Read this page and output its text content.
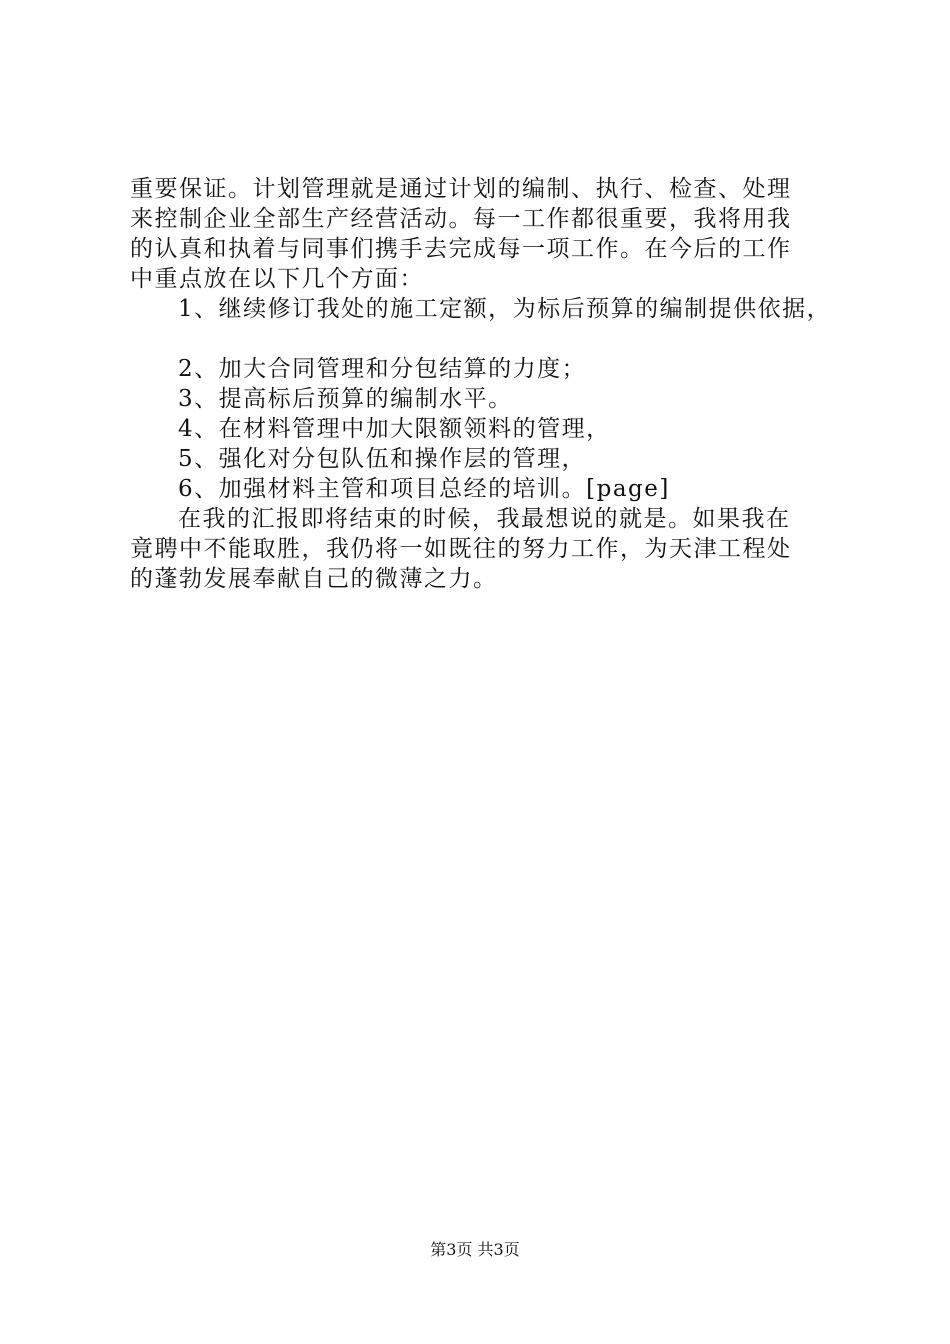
重要保证。计划管理就是通过计划的编制、执行、检查、处理
来控制企业全部生产经营活动。每一工作都很重要，我将用我
的认真和执着与同事们携手去完成每一项工作。在今后的工作
中重点放在以下几个方面：
1、继续修订我处的施工定额，为标后预算的编制提供依据，
2、加大合同管理和分包结算的力度；
3、提高标后预算的编制水平。
4、在材料管理中加大限额领料的管理，
5、强化对分包队伍和操作层的管理，
6、加强材料主管和项目总经的培训。[page]
在我的汇报即将结束的时候，我最想说的就是。如果我在
竟聘中不能取胜，我仍将一如既往的努力工作，为天津工程处
的蓬勃发展奉献自己的微薄之力。
第3页 共3页
